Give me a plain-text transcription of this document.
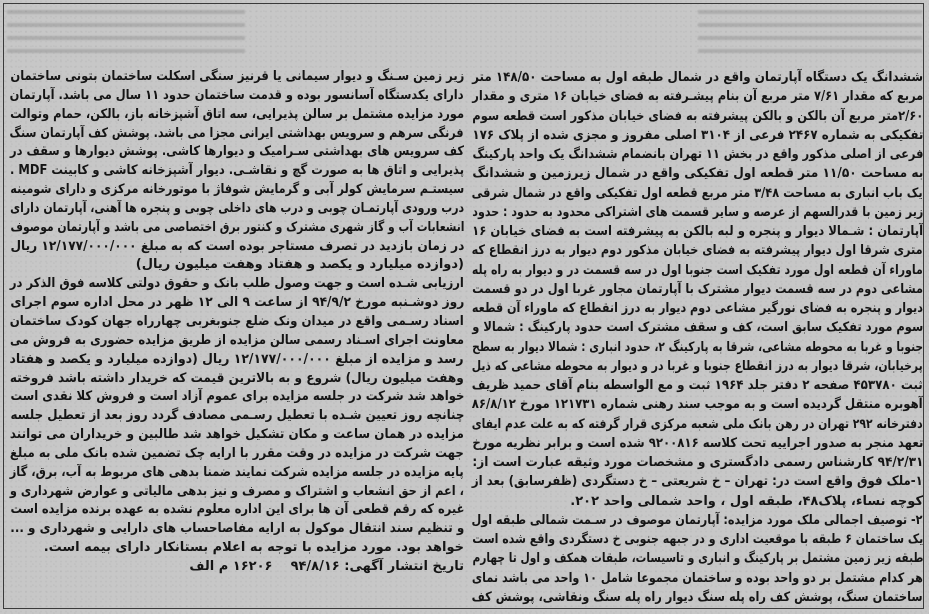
ششدانگ یک دستگاه آپارتمان واقع در شمال طبقه اول به مساحت ۱۴۸/۵۰ متر
مربع که مقدار ۷/۶۱ متر مربع آن بنام پیشـرفته به فضای خیابان ۱۶ متری و مقدار
۲/۶۰متر مربع آن بالکن و بالکن پیشرفته به فضای خیابان مذکور است قطعه سوم
تفکیکی به شماره ۲۴۶۷ فرعی از ۳۱۰۴ اصلی مفروز و مجزی شده از پلاک ۱۷۶
فرعی از اصلی مذکور واقع در بخش ۱۱ تهران بانضمام ششدانگ یک واحد پارکینگ
به مساحت ۱۱/۵۰ متر قطعه اول تفکیکی واقع در شمال زیرزمین و ششدانگ
یک باب انباری به مساحت ۳/۴۸ متر مربع قطعه اول تفکیکی واقع در شمال شرقی
زیر زمین با قدرالسهم از عرصه و سایر قسمت های اشتراکی محدود به حدود : حدود
آپارتمان : شـمالا دیوار و پنجره و لبه بالکن به پیشرفته است به فضای خیابان ۱۶
متری شرقا اول دیوار پیشرفته به فضای خیابان مذکور دوم دیوار به درز انقطاع که
ماوراء آن قطعه اول مورد تفکیک است جنوبا اول در سه قسمت در و دیوار به راه پله
مشاعی دوم در سه قسمت دیوار مشترک با آپارتمان مجاور غربا اول در دو قسمت
دیوار و پنجره به فضای نورگیر مشاعی دوم دیوار به درز انقطاع که ماوراء آن قطعه
سوم مورد تفکیک سابق است، کف و سقف مشترک است حدود پارکینگ : شمالا و
جنوبا و غربا به محوطه مشاعی، شرقا به پارکینگ ۲، حدود انباری : شمالا دیوار به سطح
پرخیابان، شرقا دیوار به درز انقطاع جنوبا و غربا در و دیوار به محوطه مشاعی که ذیل
ثبت ۴۵۳۷۸۰ صفحه ۲ دفتر جلد ۱۹۶۴ ثبت و مع الواسطه بنام آقای حمید ظریف
آهوبره منتقل گردیده است و به موجب سند رهنی شماره ۱۲۱۷۳۱ مورخ ۸۶/۸/۱۲
دفترخانه ۲۹۲ تهران در رهن بانک ملی شعبه مرکزی قرار گرفته که به علت عدم ایفای
تعهد منجر به صدور اجراییه تحت کلاسه ۹۲۰۰۸۱۶ شده است و برابر نظریه مورخ
۹۴/۲/۳۱ کارشناس رسمی دادگستری و مشخصات مورد وثیقه عبارت است از:
۱-ملک فوق واقع است در: تهران – خ شریعتی – خ دستگردی (ظفرسابق) بعد از
کوچه نساء، پلاک۴۸، طبقه اول ، واحد شمالی واحد ۲۰۲.
۲- توصیف اجمالی ملک مورد مزایده: آپارتمان موصوف در سـمت شمالی طبقه اول
یک ساختمان ۶ طبقه با موقعیت اداری و در جبهه جنوبی خ دستگردی واقع شده است
طبقه زیر زمین مشتمل بر پارکینگ و انباری و تاسیسات، طبقات همکف و اول تا چهارم
هر کدام مشتمل بر دو واحد بوده و ساختمان مجموعا شامل ۱۰ واحد می باشد نمای
ساختمان سنگ، پوشش کف راه پله سنگ دیوار راه پله سنگ ونقاشی، پوشش کف
زیر زمین سـنگ و دیوار سیمانی یا قرنیز سنگی اسکلت ساختمان بتونی ساختمان
دارای یکدستگاه آسانسور بوده و قدمت ساختمان حدود ۱۱ سال می باشد. آپارتمان
مورد مزایده مشتمل بر سالن پذیرایی، سه اتاق آشپزخانه باز، بالکن، حمام وتوالت
فرنگی سرهم و سرویس بهداشتی ایرانی مجزا می باشد. پوشش کف آپارتمان سنگ
کف سرویس های بهداشتی سـرامیک و دیوارها کاشی. پوشش دیوارها و سقف در
پذیرایی و اتاق ها به صورت گچ و نقاشـی. دیوار آشپزخانه کاشی و کابینت MDF .
سیستـم سرمایش کولر آبی و گرمایش شوفاژ با موتورخانه مرکزی و دارای شومینه
درب ورودی آپارتمـان چوبی و درب های داخلی چوبی و پنجره ها آهنی، آپارتمان دارای
انشعابات آب و گاز شهری مشترک و کنتور برق اختصاصی می باشد و آپارتمان موصوف
در زمان بازدید در تصرف مستاجر بوده است که به مبلغ ۱۲/۱۷۷/۰۰۰/۰۰۰ ریال
(دوازده میلیارد و یکصد و هفتاد وهفت میلیون ریال)
ارزیابی شـده است و جهت وصول طلب بانک و حقوق دولتی کلاسه فوق الذکر در
روز دوشـنبه مورخ ۹۴/۹/۲ از ساعت ۹ الی ۱۲ ظهر در محل اداره سوم اجرای
اسناد رسـمی واقع در میدان ونک ضلع جنوبغربی چهارراه جهان کودک ساختمان
معاونت اجرای اسـناد رسمی سالن مزایده از طریق مزایده حضوری به فروش می
رسد و مزایده از مبلغ ۱۲/۱۷۷/۰۰۰/۰۰۰ ریال (دوازده میلیارد و یکصد و هفتاد
وهفت میلیون ریال) شروع و به بالاترین قیمت که خریدار داشته باشد فروخته
خواهد شد شرکت در جلسه مزایده برای عموم آزاد است و فروش کلا نقدی است
چنانچه روز تعیین شـده با تعطیل رسـمی مصادف گردد روز بعد از تعطیل جلسه
مزایده در همان ساعت و مکان تشکیل خواهد شد طالبین و خریداران می توانند
جهت شرکت در مزایده در وقت مقرر با ارایه چک تضمین شده بانک ملی به مبلغ
پایه مزایده در جلسه مزایده شرکت نمایند ضمنا بدهی های مربوط به آب، برق، گاز
، اعم از حق انشعاب و اشتراک و مصرف و نیز بدهی مالیاتی و عوارض شهرداری و
غیره که رقم قطعی آن ها برای این اداره معلوم نشده به عهده برنده مزایده است
و تنظیم سند انتقال موکول به ارایه مفاصاحساب های دارایی و شهرداری و ...
خواهد بود. مورد مزایده با توجه به اعلام بستانکار دارای بیمه است.
تاریخ انتشار آگهی: ۹۴/۸/۱۶    ۱۶۲۰۶ م الف
